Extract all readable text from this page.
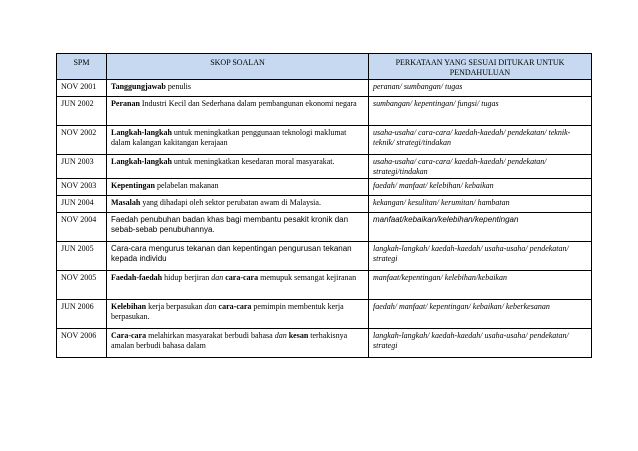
SPM	SKOP SOALAN	PERKATAAN YANG SESUAI DITUKAR UNTUK PENDAHULUAN
NOV 2001	Tanggungjawab penulis	peranan/ sumbangan/ tugas
JUN 2002	Peranan Industri Kecil dan Sederhana dalam pembangunan ekonomi negara	sumbangan/ kepentingan/ fungsi/ tugas
NOV 2002	Langkah-langkah untuk meningkatkan penggunaan teknologi maklumat dalam kalangan kakitangan kerajaan	usaha-usaha/ cara-cara/ kaedah-kaedah/ pendekatan/ teknik-teknik/ strategi/tindakan
JUN 2003	Langkah-langkah untuk meningkatkan kesedaran moral masyarakat.	usaha-usaha/ cara-cara/ kaedah-kaedah/ pendekatan/ strategi/tindakan
NOV 2003	Kepentingan pelabelan makanan	faedah/ manfaat/ kelebihan/ kebaikan
JUN 2004	Masalah yang dihadapi oleh sektor perubatan awam di Malaysia.	kekangan/ kesulitan/ kerumitan/ hambatan
NOV 2004	Faedah penubuhan badan khas bagi membantu pesakit kronik dan sebab-sebab penubuhannya.	manfaat/kebaikan/kelebihan/kepentingan
JUN 2005	Cara-cara mengurus tekanan dan kepentingan pengurusan tekanan kepada individu	langkah-langkah/ kaedah-kaedah/ usaha-usaha/ pendekatan/ strategi
NOV 2005	Faedah-faedah hidup berjiran dan cara-cara memupuk semangat kejiranan	manfaat/kepentingan/ kelebihan/kebaikan
JUN 2006	Kelebihan kerja berpasukan dan cara-cara pemimpin membentuk kerja berpasukan.	faedah/ manfaat/ kepentingan/ kebaikan/ keberkesanan
NOV 2006	Cara-cara melahirkan masyarakat berbudi bahasa dan kesan terhakisnya amalan berbudi bahasa dalam	langkah-langkah/ kaedah-kaedah/ usaha-usaha/ pendekatan/ strategi
